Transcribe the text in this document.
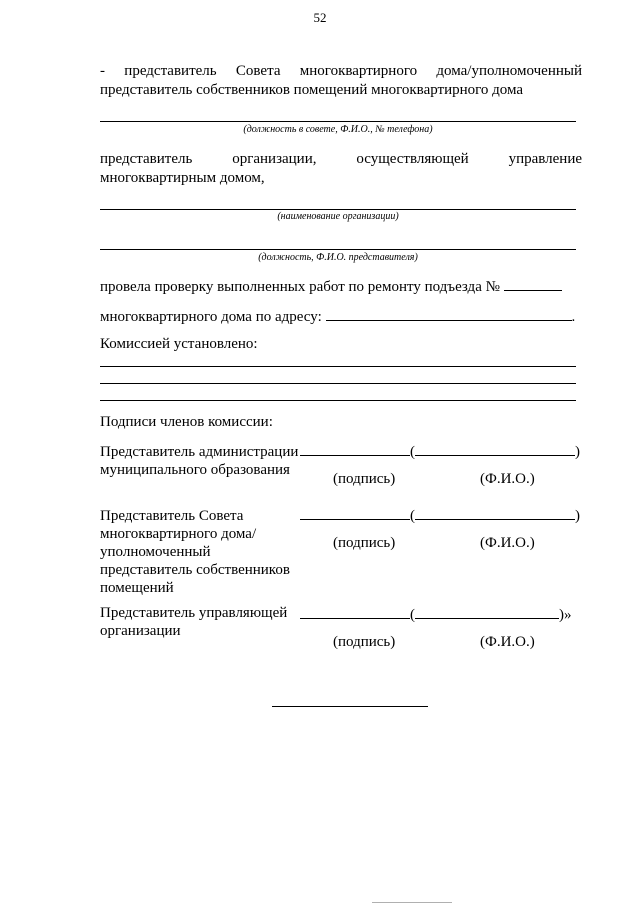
52
- представитель Совета многоквартирного дома/уполномоченный
представитель собственников помещений многоквартирного дома
(должность в совете, Ф.И.О., № телефона)
представитель	организации,	осуществляющей	управление
многоквартирным домом,
(наименование организации)
(должность, Ф.И.О. представителя)
провела проверку выполненных работ по ремонту подъезда №
многоквартирного дома по адресу:	.
Комиссией установлено:
Подписи членов комиссии:
Представитель администрации муниципального образования
(	)
(подпись)	(Ф.И.О.)
Представитель Совета многоквартирного дома/ уполномоченный представитель собственников помещений
(	)
(подпись)	(Ф.И.О.)
Представитель управляющей организации
(	)»
(подпись)	(Ф.И.О.)
